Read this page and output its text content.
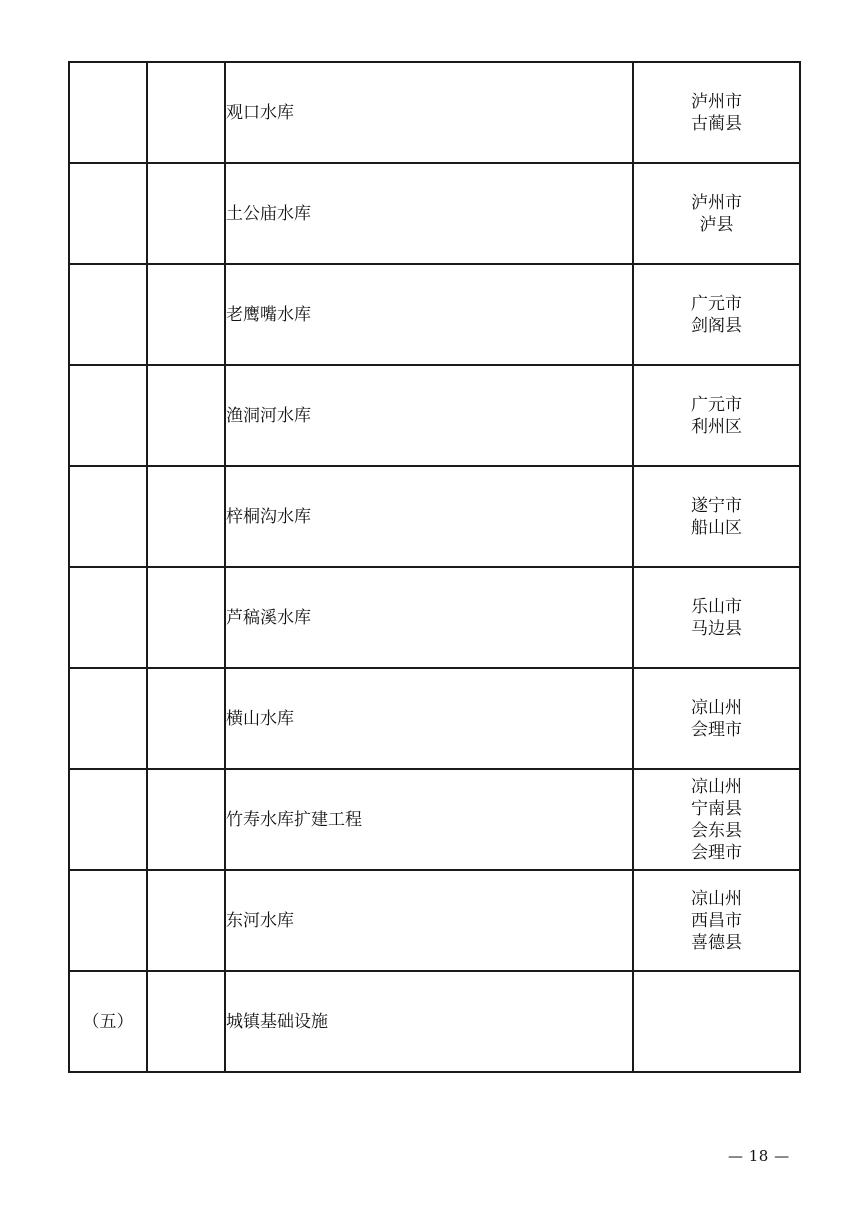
		观口水库	泸州市
古蔺县

		土公庙水库	泸州市
泸县

		老鹰嘴水库	广元市
剑阁县

		渔洞河水库	广元市
利州区

		梓桐沟水库	遂宁市
船山区

		芦稿溪水库	乐山市
马边县

		横山水库	凉山州
会理市

		竹寿水库扩建工程	凉山州
宁南县
会东县
会理市

		东河水库	凉山州
西昌市
喜德县

（五）		城镇基础设施	
— 18 —
